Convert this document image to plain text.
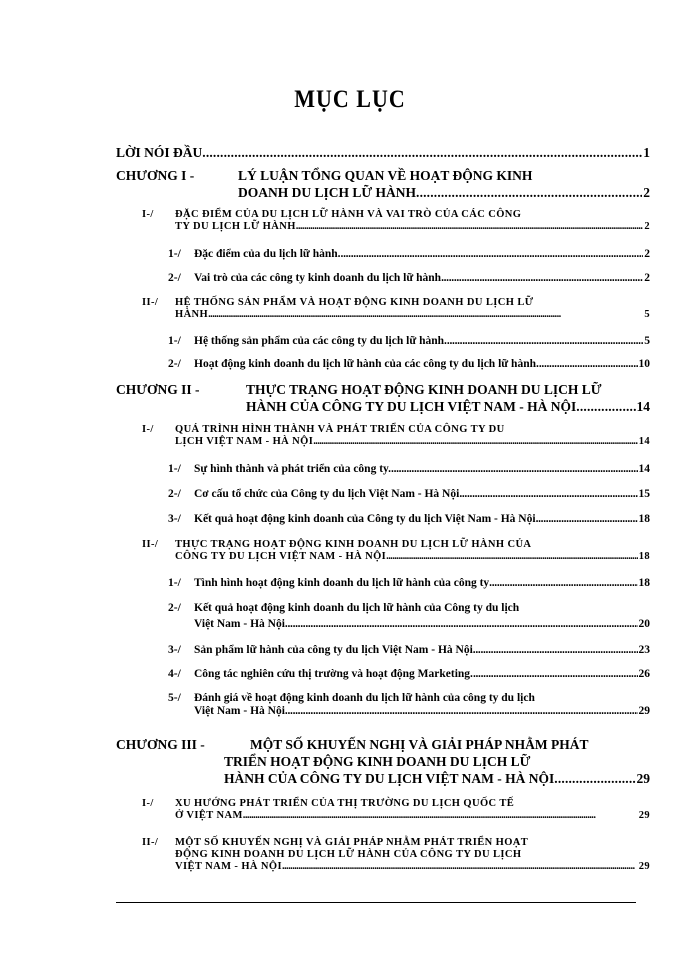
MỤC LỤC
LỜI NÓI ĐẦU . . .	1
CHƯƠNG I -	LÝ LUẬN TỔNG QUAN VỀ HOẠT ĐỘNG KINH
DOANH DU LỊCH LỮ HÀNH . . .	2
I-/ ĐẶC ĐIỂM CỦA DU LỊCH LỮ HÀNH VÀ VAI TRÒ CỦA CÁC CÔNG
TY DU LỊCH LỮ HÀNH . . .	2
1-/ Đặc điểm của du lịch lữ hành. . . .	2
2-/ Vai trò của các công ty kinh doanh du lịch lữ hành . . .	2
II-/ HỆ THỐNG SẢN PHẨM VÀ HOẠT ĐỘNG KINH DOANH DU LỊCH LỮ
HÀNH . . .	5
1-/ Hệ thống sản phẩm của các công ty du lịch lữ hành. . . .	5
2-/ Hoạt động kinh doanh du lịch lữ hành của các công ty du lịch lữ hành. . . .	10
CHƯƠNG II -	THỰC TRẠNG HOẠT ĐỘNG KINH DOANH DU LỊCH LỮ
HÀNH CỦA CÔNG TY DU LỊCH VIỆT NAM - HÀ NỘI . . .	14
I-/ QUÁ TRÌNH HÌNH THÀNH VÀ PHÁT TRIỂN CỦA CÔNG TY DU
LỊCH VIỆT NAM - HÀ NỘI . . .	14
1-/ Sự hình thành và phát triển của công ty. . . .	14
2-/ Cơ cấu tổ chức của Công ty du lịch Việt Nam - Hà Nội . . .	15
3-/ Kết quả hoạt động kinh doanh của Công ty du lịch Việt Nam - Hà Nội . . .	18
II-/ THỰC TRẠNG HOẠT ĐỘNG KINH DOANH DU LỊCH LỮ HÀNH CỦA
CÔNG TY DU LỊCH VIỆT NAM - HÀ NỘI . . .	18
1-/ Tình hình hoạt động kinh doanh du lịch lữ hành của công ty . . .	18
2-/ Kết quả hoạt động kinh doanh du lịch lữ hành của Công ty du lịch
Việt Nam - Hà Nội . . .	20
3-/ Sản phẩm lữ hành của công ty du lịch Việt Nam - Hà Nội . . .	23
4-/ Công tác nghiên cứu thị trường và hoạt động Marketing. . . .	26
5-/ Đánh giá về hoạt động kinh doanh du lịch lữ hành của công ty du lịch
Việt Nam - Hà Nội . . .	29
CHƯƠNG III -	MỘT SỐ KHUYẾN NGHỊ VÀ GIẢI PHÁP NHẰM PHÁT
TRIỂN HOẠT ĐỘNG KINH DOANH DU LỊCH LỮ
HÀNH CỦA CÔNG TY DU LỊCH VIỆT NAM - HÀ NỘI . . .	29
I-/ XU HƯỚNG PHÁT TRIỂN CỦA THỊ TRƯỜNG DU LỊCH QUỐC TẾ
Ở VIỆT NAM . . .	29
II-/ MỘT SỐ KHUYẾN NGHỊ VÀ GIẢI PHÁP NHẰM PHÁT TRIỂN HOẠT
ĐỘNG KINH DOANH DU LỊCH LỮ HÀNH CỦA CÔNG TY DU LỊCH
VIỆT NAM - HÀ NỘI . . .	29
